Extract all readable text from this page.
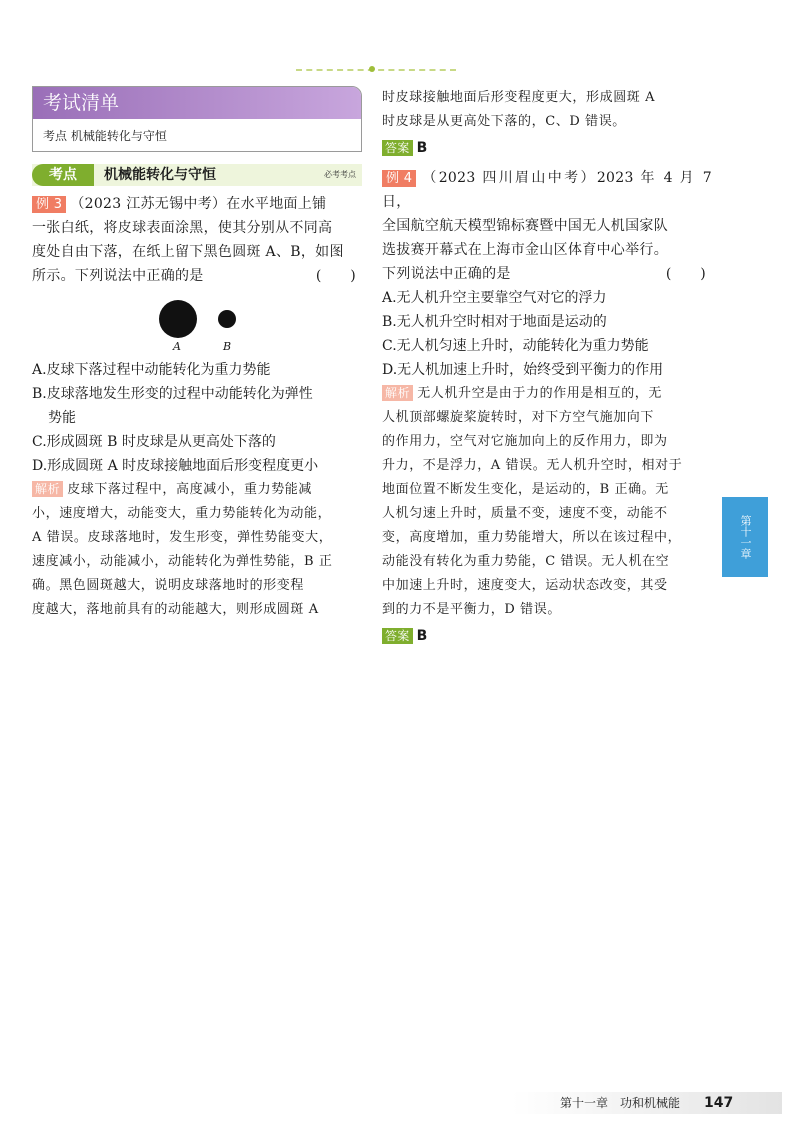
考试清单
考点 机械能转化与守恒
考点	机械能转化与守恒	必考考点
例 3 （2023 江苏无锡中考）在水平地面上铺
一张白纸，将皮球表面涂黑，使其分别从不同高
度处自由下落，在纸上留下黑色圆斑 A、B，如图
所示。下列说法中正确的是	(　　)
A	B
A.皮球下落过程中动能转化为重力势能
B.皮球落地发生形变的过程中动能转化为弹性
势能
C.形成圆斑 B 时皮球是从更高处下落的
D.形成圆斑 A 时皮球接触地面后形变程度更小
解析 皮球下落过程中，高度减小，重力势能减
小，速度增大，动能变大，重力势能转化为动能，
A 错误。皮球落地时，发生形变，弹性势能变大，
速度减小，动能减小，动能转化为弹性势能，B 正
确。黑色圆斑越大，说明皮球落地时的形变程
度越大，落地前具有的动能越大，则形成圆斑 A
时皮球接触地面后形变程度更大，形成圆斑 A
时皮球是从更高处下落的，C、D 错误。
答案 B
例 4 （2023 四川眉山中考）2023 年 4 月 7 日，
全国航空航天模型锦标赛暨中国无人机国家队
选拔赛开幕式在上海市金山区体育中心举行。
下列说法中正确的是	(　　)
A.无人机升空主要靠空气对它的浮力
B.无人机升空时相对于地面是运动的
C.无人机匀速上升时，动能转化为重力势能
D.无人机加速上升时，始终受到平衡力的作用
解析 无人机升空是由于力的作用是相互的，无
人机顶部螺旋桨旋转时，对下方空气施加向下
的作用力，空气对它施加向上的反作用力，即为
升力，不是浮力，A 错误。无人机升空时，相对于
地面位置不断发生变化，是运动的，B 正确。无
人机匀速上升时，质量不变，速度不变，动能不
变，高度增加，重力势能增大，所以在该过程中，
动能没有转化为重力势能，C 错误。无人机在空
中加速上升时，速度变大，运动状态改变，其受
到的力不是平衡力，D 错误。
答案 B
第十一章
第十一章　功和机械能 147
